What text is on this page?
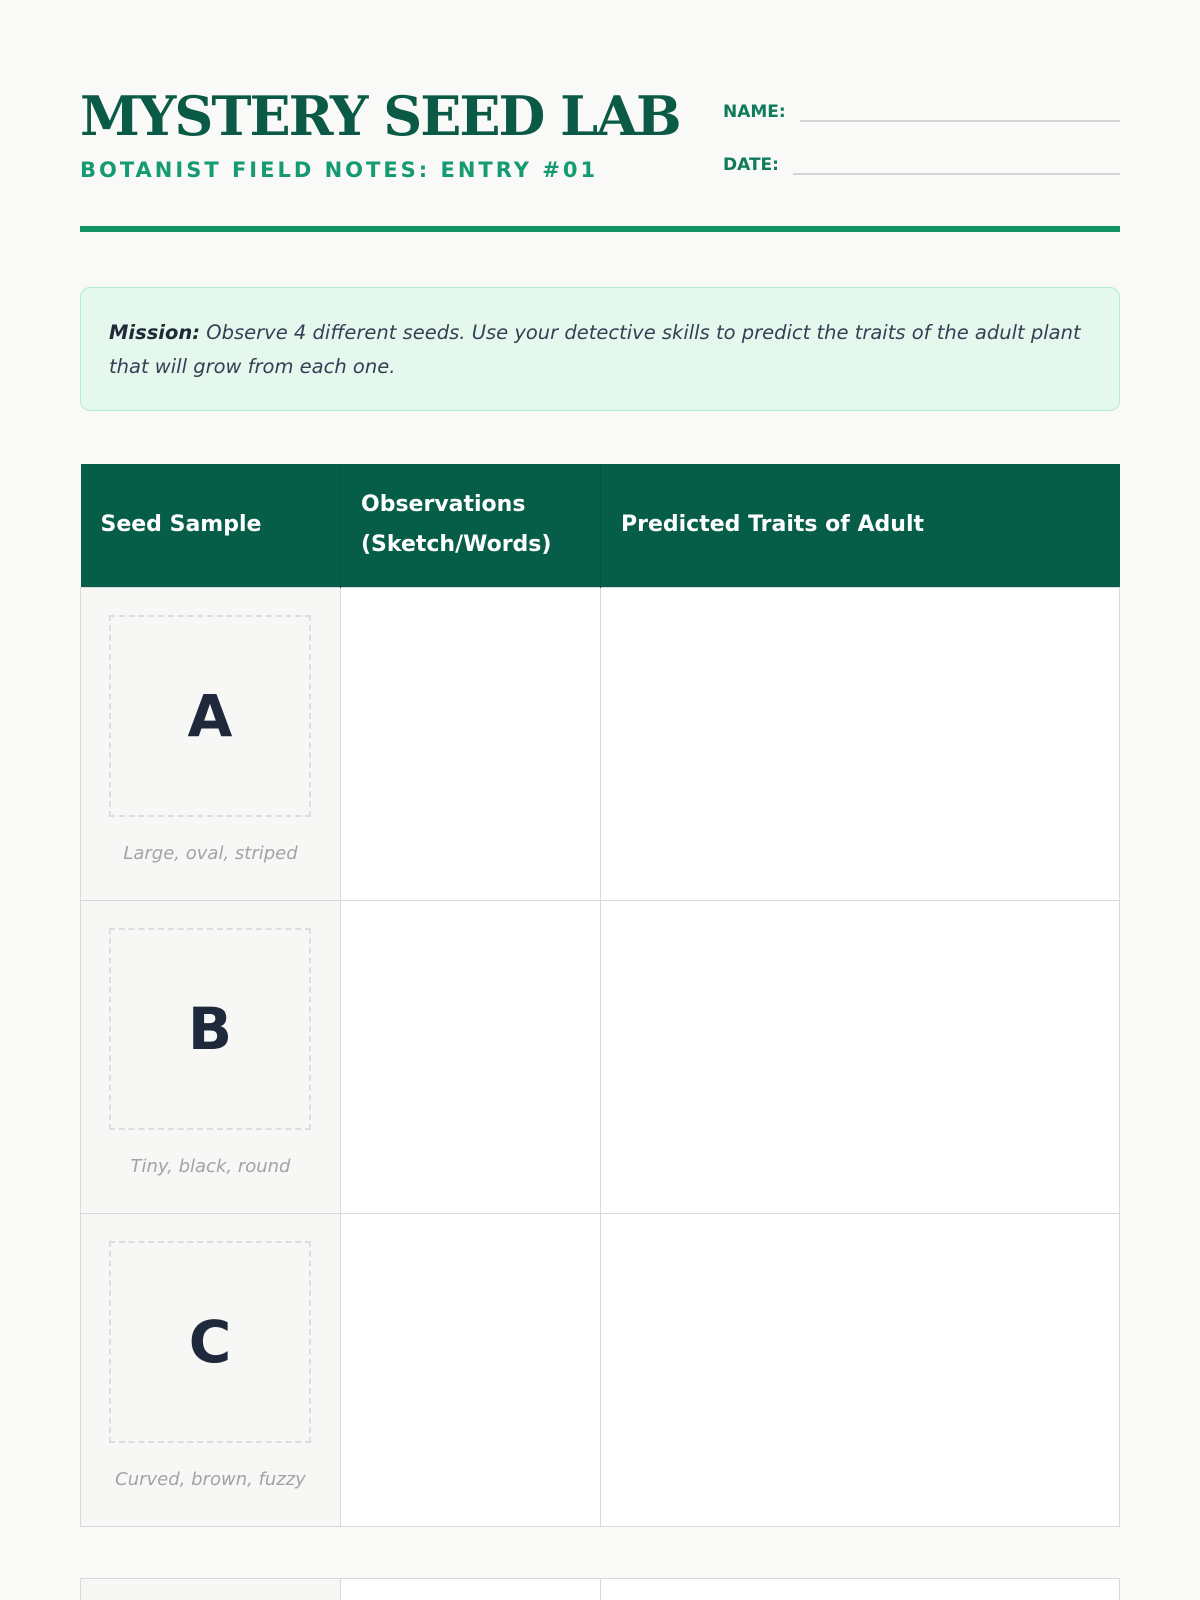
MYSTERY SEED LAB
BOTANIST FIELD NOTES: ENTRY #01
NAME:
DATE:
Mission: Observe 4 different seeds. Use your detective skills to predict the traits of the adult plant that will grow from each one.
Seed Sample	Observations (Sketch/Words)	Predicted Traits of Adult

A
Large, oval, striped		

B
Tiny, black, round		

C
Curved, brown, fuzzy		
